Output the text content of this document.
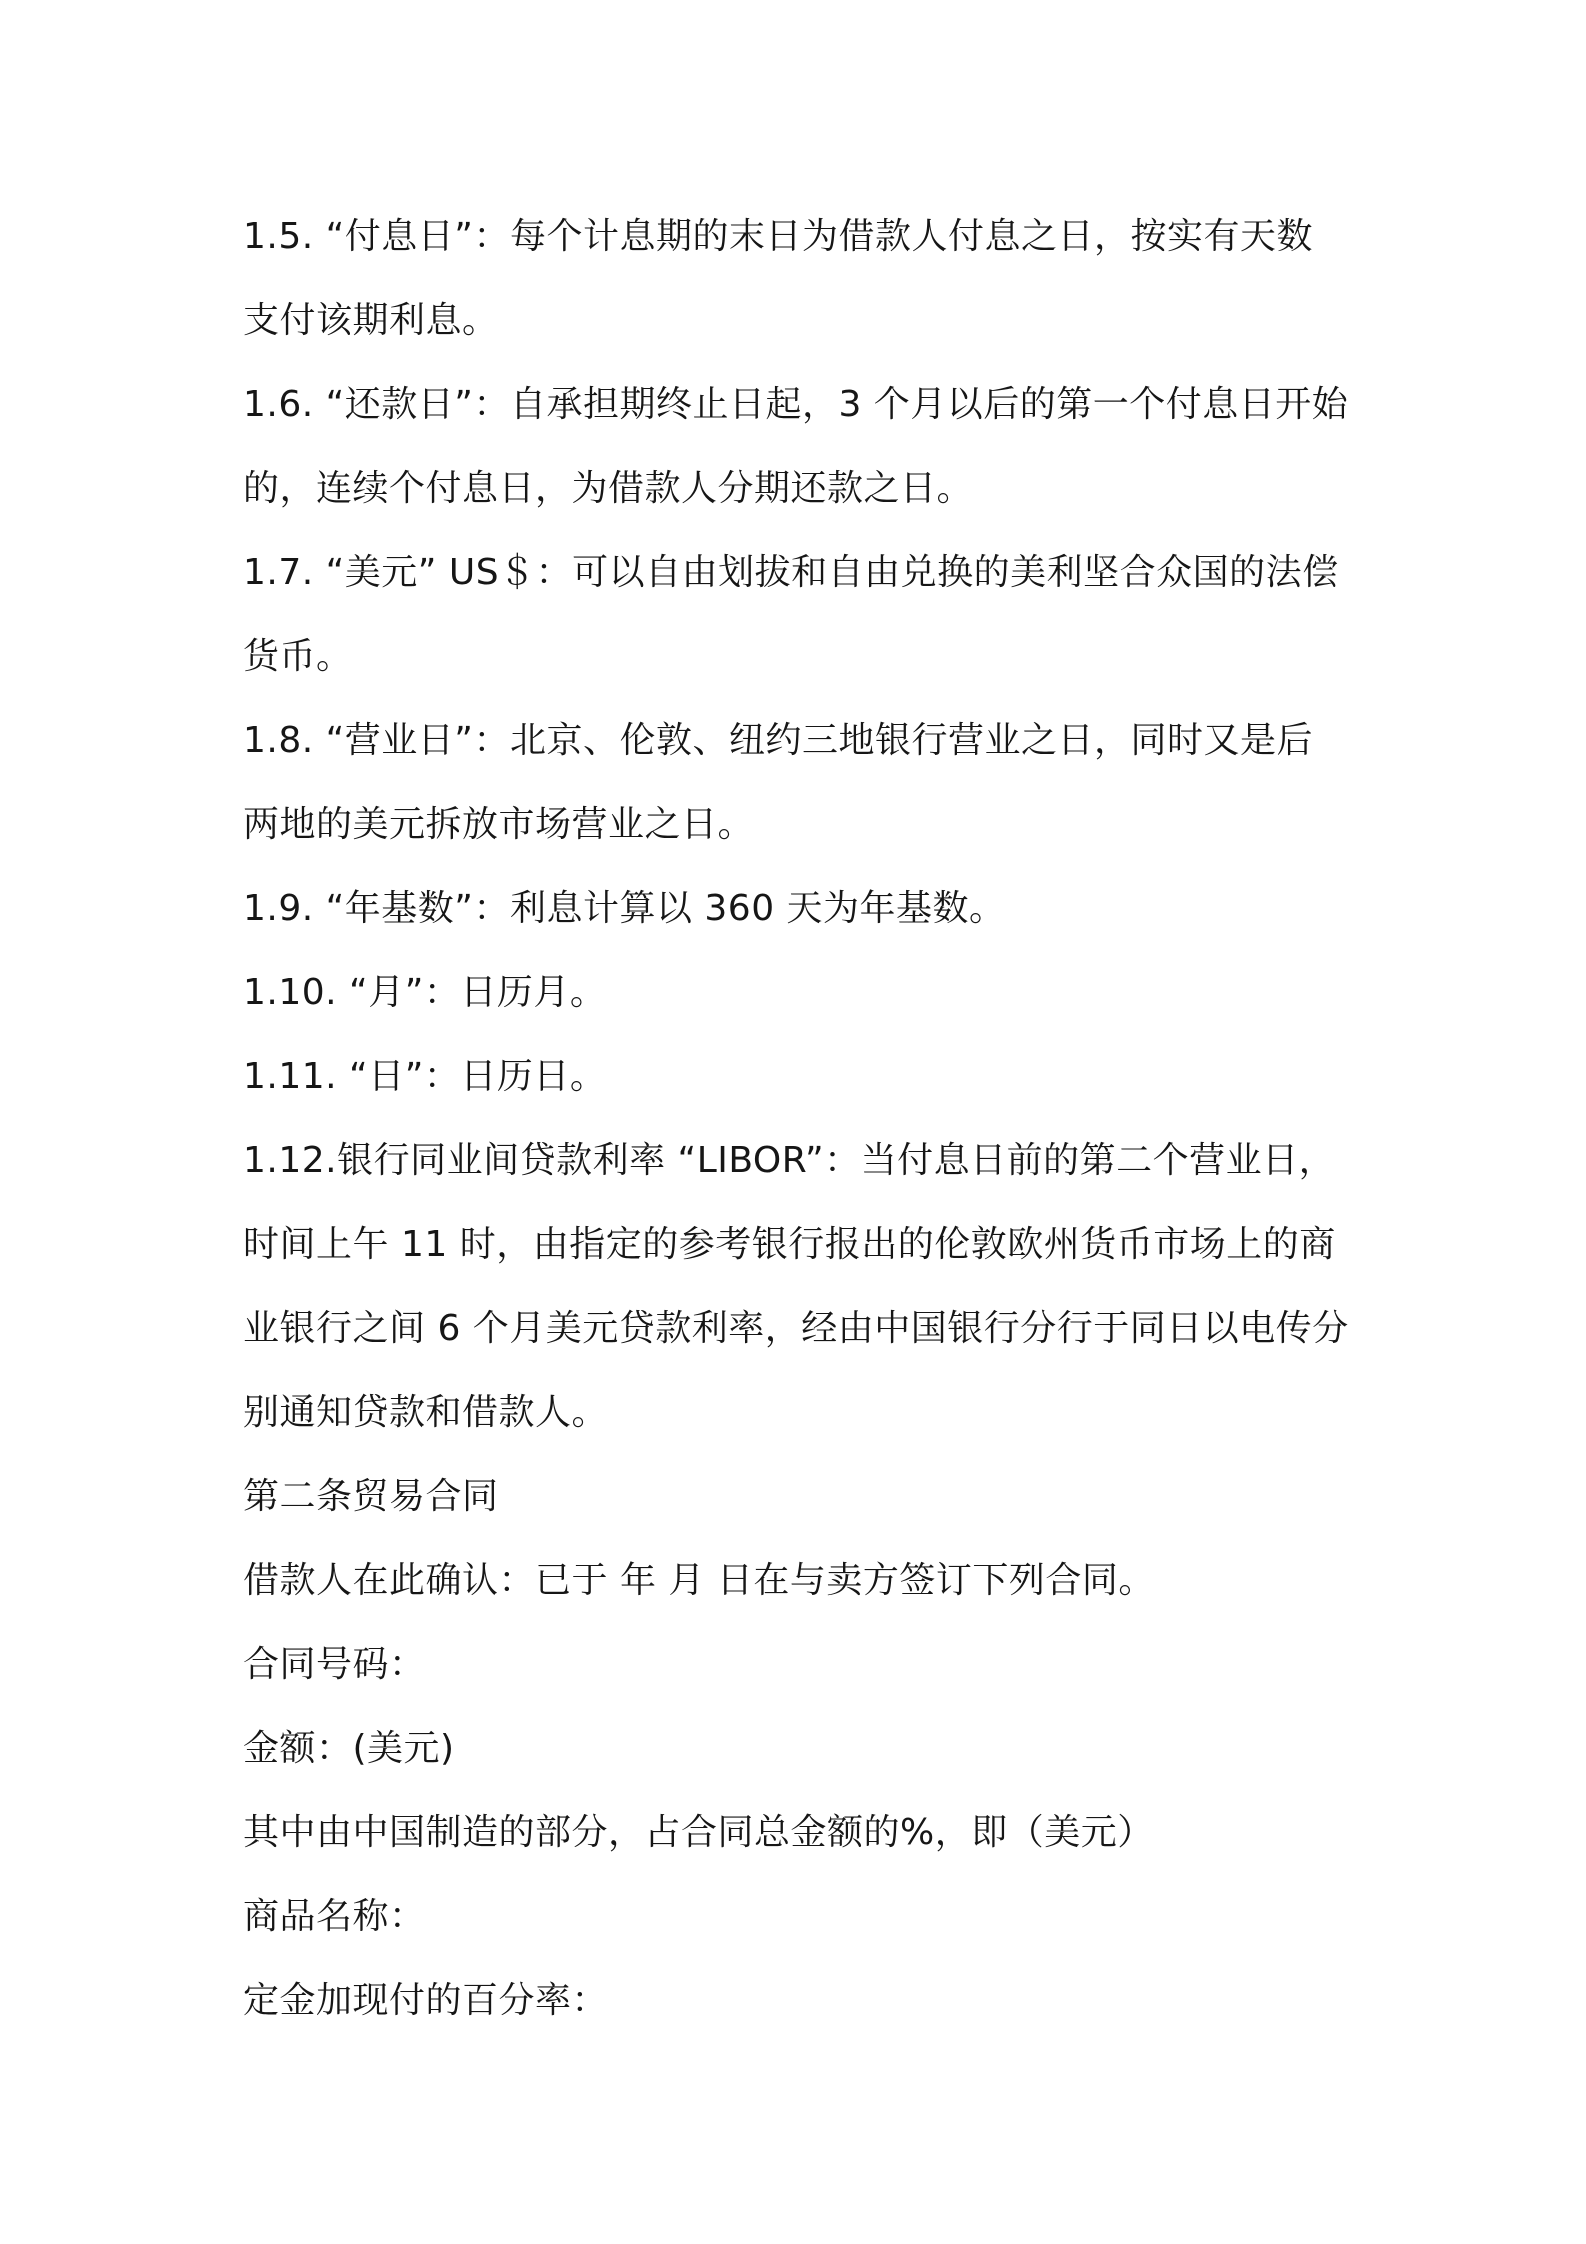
1.5. “付息日”：每个计息期的末日为借款人付息之日，按实有天数
支付该期利息。
1.6. “还款日”：自承担期终止日起，3 个月以后的第一个付息日开始
的，连续个付息日，为借款人分期还款之日。
1.7. “美元” US＄：可以自由划拔和自由兑换的美利坚合众国的法偿
货币。
1.8. “营业日”：北京、伦敦、纽约三地银行营业之日，同时又是后
两地的美元拆放市场营业之日。
1.9. “年基数”：利息计算以 360 天为年基数。
1.10. “月”：日历月。
1.11. “日”：日历日。
1.12.银行同业间贷款利率 “LIBOR”：当付息日前的第二个营业日，
时间上午 11 时，由指定的参考银行报出的伦敦欧州货币市场上的商
业银行之间 6 个月美元贷款利率，经由中国银行分行于同日以电传分
别通知贷款和借款人。
第二条贸易合同
借款人在此确认：已于 年 月 日在与卖方签订下列合同。
合同号码：
金额：(美元)
其中由中国制造的部分，占合同总金额的%，即（美元）
商品名称：
定金加现付的百分率：
